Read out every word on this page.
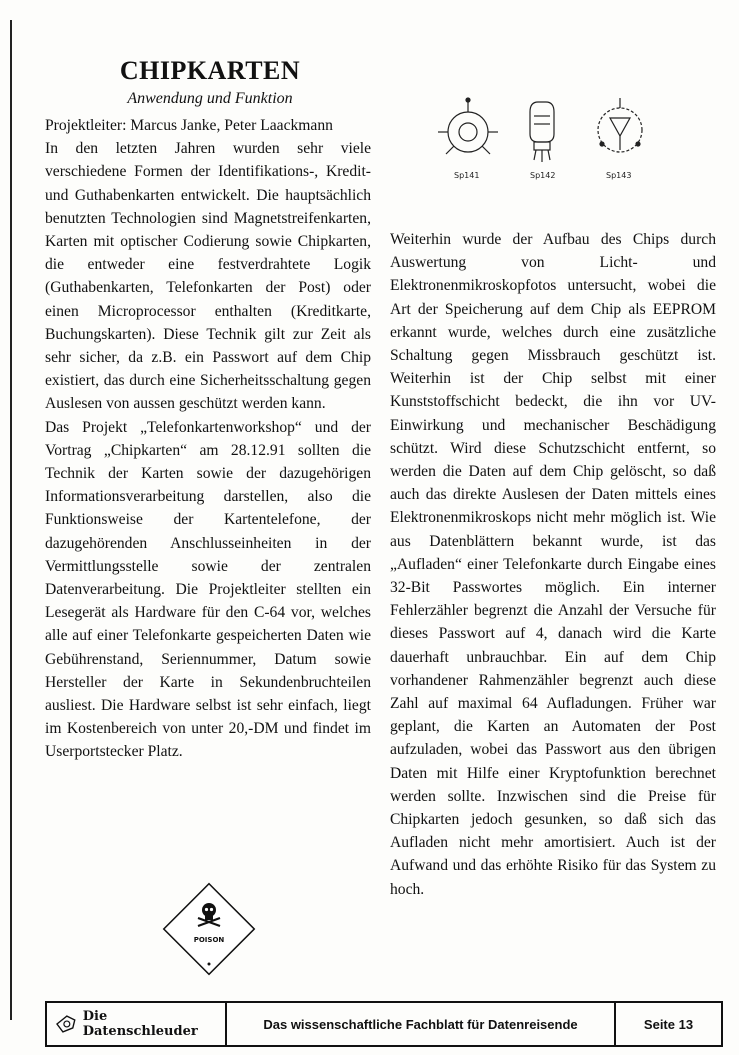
CHIPKARTEN
Anwendung und Funktion

Projektleiter: Marcus Janke, Peter Laackmann

In den letzten Jahren wurden sehr viele verschiedene Formen der Identifikations-, Kredit- und Guthabenkarten entwickelt. Die hauptsächlich benutzten Technologien sind Magnetstreifenkarten, Karten mit optischer Codierung sowie Chipkarten, die entweder eine festverdrahtete Logik (Guthabenkarten, Telefonkarten der Post) oder einen Microprocessor enthalten (Kreditkarte, Buchungskarten). Diese Technik gilt zur Zeit als sehr sicher, da z.B. ein Passwort auf dem Chip existiert, das durch eine Sicherheitsschaltung gegen Auslesen von aussen geschützt werden kann.

Das Projekt „Telefonkartenworkshop“ und der Vortrag „Chipkarten“ am 28.12.91 sollten die Technik der Karten sowie der dazugehörigen Informationsverarbeitung darstellen, also die Funktionsweise der Kartentelefone, der dazugehörenden Anschlusseinheiten in der Vermittlungsstelle sowie der zentralen Datenverarbeitung. Die Projektleiter stellten ein Lesegerät als Hardware für den C-64 vor, welches alle auf einer Telefonkarte gespeicherten Daten wie Gebührenstand, Seriennummer, Datum sowie Hersteller der Karte in Sekundenbruchteilen ausliest. Die Hardware selbst ist sehr einfach, liegt im Kostenbereich von unter 20,-DM und findet im Userportstecker Platz.

Sp141	Sp142	Sp143

Weiterhin wurde der Aufbau des Chips durch Auswertung von Licht- und Elektronenmikroskopfotos untersucht, wobei die Art der Speicherung auf dem Chip als EEPROM erkannt wurde, welches durch eine zusätzliche Schaltung gegen Missbrauch geschützt ist. Weiterhin ist der Chip selbst mit einer Kunststoffschicht bedeckt, die ihn vor UV-Einwirkung und mechanischer Beschädigung schützt. Wird diese Schutzschicht entfernt, so werden die Daten auf dem Chip gelöscht, so daß auch das direkte Auslesen der Daten mittels eines Elektronenmikroskops nicht mehr möglich ist. Wie aus Datenblättern bekannt wurde, ist das „Aufladen“ einer Telefonkarte durch Eingabe eines 32-Bit Passwortes möglich. Ein interner Fehlerzähler begrenzt die Anzahl der Versuche für dieses Passwort auf 4, danach wird die Karte dauerhaft unbrauchbar. Ein auf dem Chip vorhandener Rahmenzähler begrenzt auch diese Zahl auf maximal 64 Aufladungen. Früher war geplant, die Karten an Automaten der Post aufzuladen, wobei das Passwort aus den übrigen Daten mit Hilfe einer Kryptofunktion berechnet werden sollte. Inzwischen sind die Preise für Chipkarten jedoch gesunken, so daß sich das Aufladen nicht mehr amortisiert. Auch ist der Aufwand und das erhöhte Risiko für das System zu hoch.

POISON
Die Datenschleuder	Das wissenschaftliche Fachblatt für Datenreisende	Seite 13
